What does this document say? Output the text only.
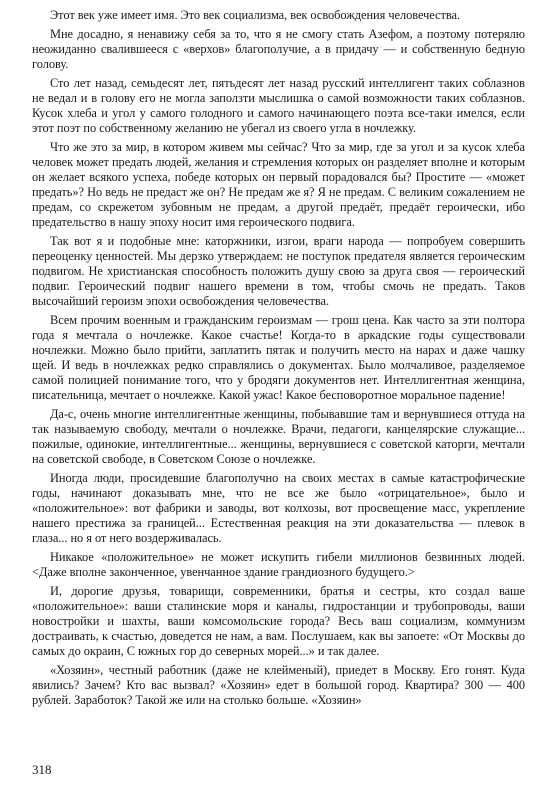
Этот век уже имеет имя. Это век социализма, век освобождения человечества.

Мне досадно, я ненавижу себя за то, что я не смогу стать Азефом, а поэтому потерялю неожиданно свалившееся с «верхов» благополучие, а в придачу — и собственную бедную голову.

Сто лет назад, семьдесят лет, пятьдесят лет назад русский интеллигент таких соблазнов не ведал и в голову его не могла заползти мыслишка о самой возможности таких соблазнов. Кусок хлеба и угол у самого голодного и самого начинающего поэта все-таки имелся, если этот поэт по собственному желанию не убегал из своего угла в ночлежку.

Что же это за мир, в котором живем мы сейчас? Что за мир, где за угол и за кусок хлеба человек может предать людей, желания и стремления которых он разделяет вполне и которым он желает всякого успеха, победе которых он первый порадовался бы? Простите — «может предать»? Но ведь не предаст же он? Не предам же я? Я не предам. С великим сожалением не предам, со скрежетом зубовным не предам, а другой предаёт, предаёт героически, ибо предательство в нашу эпоху носит имя героического подвига.

Так вот я и подобные мне: каторжники, изгои, враги народа — попробуем совершить переоценку ценностей. Мы дерзко утверждаем: не поступок предателя является героическим подвигом. Не христианская способность положить душу свою за друга своя — героический подвиг. Героический подвиг нашего времени в том, чтобы смочь не предать. Таков высочайший героизм эпохи освобождения человечества.

Всем прочим военным и гражданским героизмам — грош цена. Как часто за эти полтора года я мечтала о ночлежке. Какое счастье! Когда-то в аркадские годы существовали ночлежки. Можно было прийти, заплатить пятак и получить место на нарах и даже чашку щей. И ведь в ночлежках редко справлялись о документах. Было молчаливое, разделяемое самой полицией понимание того, что у бродяги документов нет. Интеллигентная женщина, писательница, мечтает о ночлежке. Какой ужас! Какое бесповоротное моральное падение!

Да-с, очень многие интеллигентные женщины, побывавшие там и вернувшиеся оттуда на так называемую свободу, мечтали о ночлежке. Врачи, педагоги, канцелярские служащие... пожилые, одинокие, интеллигентные... женщины, вернувшиеся с советской каторги, мечтали на советской свободе, в Советском Союзе о ночлежке.

Иногда люди, просидевшие благополучно на своих местах в самые катастрофические годы, начинают доказывать мне, что не все же было «отрицательное», было и «положительное»: вот фабрики и заводы, вот колхозы, вот просвещение масс, укрепление нашего престижа за границей... Естественная реакция на эти доказательства — плевок в глаза... но я от него воздерживалась.

Никакое «положительное» не может искупить гибели миллионов безвинных людей. <Даже вполне законченное, увенчанное здание грандиозного будущего.>

И, дорогие друзья, товарищи, современники, братья и сестры, кто создал ваше «положительное»: ваши сталинские моря и каналы, гидростанции и трубопроводы, ваши новостройки и шахты, ваши комсомольские города? Весь ваш социализм, коммунизм достраивать, к счастью, доведется не нам, а вам. Послушаем, как вы запоете: «От Москвы до самых до окраин, С южных гор до северных морей...» и так далее.

«Хозяин», честный работник (даже не клейменый), приедет в Москву. Его гонят. Куда явились? Зачем? Кто вас вызвал? «Хозяин» едет в большой город. Квартира? 300 — 400 рублей. Заработок? Такой же или на столько больше. «Хозяин»

318
